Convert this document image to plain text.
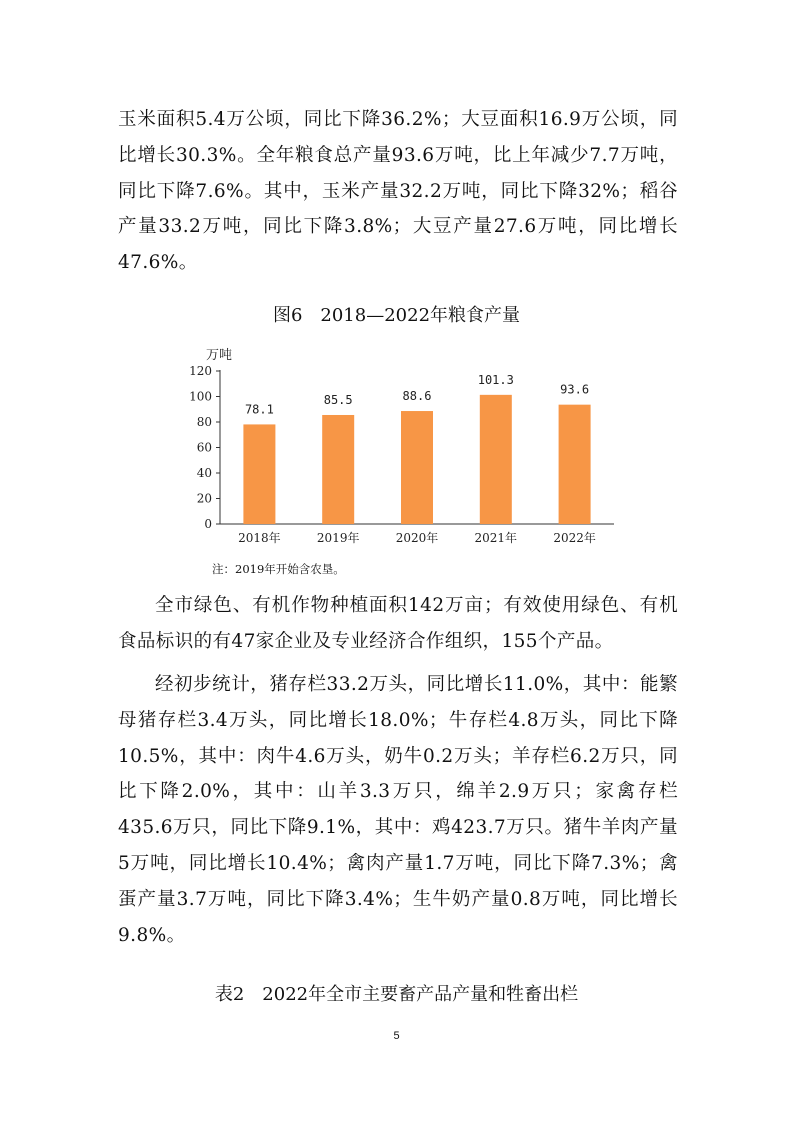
玉米面积5.4万公顷，同比下降36.2%；大豆面积16.9万公顷，同比增长30.3%。全年粮食总产量93.6万吨，比上年减少7.7万吨，同比下降7.6%。其中，玉米产量32.2万吨，同比下降32%；稻谷产量33.2万吨，同比下降3.8%；大豆产量27.6万吨，同比增长47.6%。

图6　2018—2022年粮食产量

万吨
0
20
40
60
80
100
120
2018年	2019年	2020年	2021年	2022年
78.1
85.5	88.6
101.3
93.6

注：2019年开始含农垦。

全市绿色、有机作物种植面积142万亩；有效使用绿色、有机食品标识的有47家企业及专业经济合作组织，155个产品。

经初步统计，猪存栏33.2万头，同比增长11.0%，其中：能繁母猪存栏3.4万头，同比增长18.0%；牛存栏4.8万头，同比下降10.5%，其中：肉牛4.6万头，奶牛0.2万头；羊存栏6.2万只，同比下降2.0%，其中：山羊3.3万只，绵羊2.9万只；家禽存栏435.6万只，同比下降9.1%，其中：鸡423.7万只。猪牛羊肉产量5万吨，同比增长10.4%；禽肉产量1.7万吨，同比下降7.3%；禽蛋产量3.7万吨，同比下降3.4%；生牛奶产量0.8万吨，同比增长9.8%。

表2　2022年全市主要畜产品产量和牲畜出栏

5
